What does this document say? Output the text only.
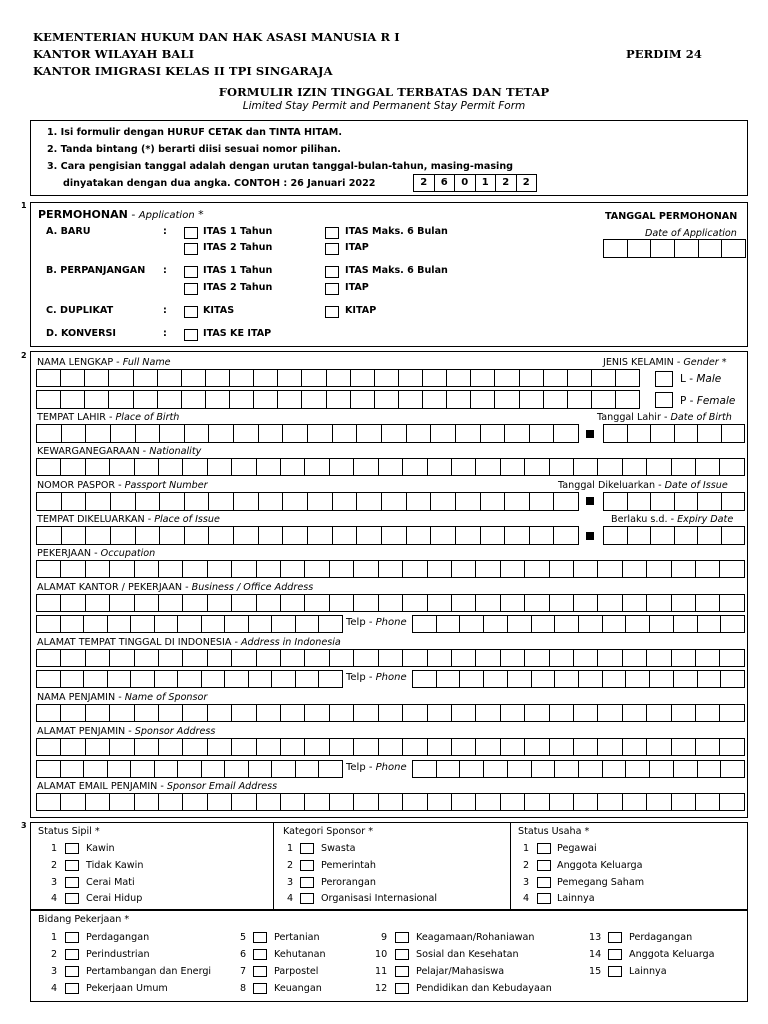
KEMENTERIAN HUKUM DAN HAK ASASI MANUSIA R I
KANTOR WILAYAH BALI
KANTOR IMIGRASI KELAS II TPI SINGARAJA
PERDIM 24
FORMULIR IZIN TINGGAL TERBATAS DAN TETAP
Limited Stay Permit and Permanent Stay Permit Form
1. Isi formulir dengan HURUF CETAK dan TINTA HITAM.
2. Tanda bintang (*) berarti diisi sesuai nomor pilihan.
3. Cara pengisian tanggal adalah dengan urutan tanggal-bulan-tahun, masing-masing
dinyatakan dengan dua angka. CONTOH : 26 Januari 2022	2	6	0	1	2	2
1
PERMOHONAN - Application *	TANGGAL PERMOHONAN
Date of Application
A. BARU	:	ITAS 1 Tahun	ITAS Maks. 6 Bulan
ITAS 2 Tahun	ITAP
B. PERPANJANGAN :	ITAS 1 Tahun	ITAS Maks. 6 Bulan
ITAS 2 Tahun	ITAP
C. DUPLIKAT	:	KITAS	KITAP
D. KONVERSI	:	ITAS KE ITAP
2
NAMA LENGKAP - Full Name	JENIS KELAMIN - Gender *
L - Male
P - Female
TEMPAT LAHIR - Place of Birth	Tanggal Lahir - Date of Birth
KEWARGANEGARAAN - Nationality
NOMOR PASPOR - Passport Number	Tanggal Dikeluarkan - Date of Issue
TEMPAT DIKELUARKAN - Place of Issue	Berlaku s.d. - Expiry Date
PEKERJAAN - Occupation
ALAMAT KANTOR / PEKERJAAN - Business / Office Address
Telp - Phone
ALAMAT TEMPAT TINGGAL DI INDONESIA - Address in Indonesia
Telp - Phone
NAMA PENJAMIN - Name of Sponsor
ALAMAT PENJAMIN - Sponsor Address
Telp - Phone
ALAMAT EMAIL PENJAMIN - Sponsor Email Address
3
Status Sipil *	Kategori Sponsor *	Status Usaha *
1	Kawin
2	Tidak Kawin
3	Cerai Mati
4	Cerai Hidup
1	Swasta
2	Pemerintah
3	Perorangan
4	Organisasi Internasional
1	Pegawai
2	Anggota Keluarga
3	Pemegang Saham
4	Lainnya
Bidang Pekerjaan *
1	Perdagangan
2	Perindustrian
3	Pertambangan dan Energi
4	Pekerjaan Umum
5	Pertanian
6	Kehutanan
7	Parpostel
8	Keuangan
9	Keagamaan/Rohaniawan
10	Sosial dan Kesehatan
11	Pelajar/Mahasiswa
12	Pendidikan dan Kebudayaan
13	Perdagangan
14	Anggota Keluarga
15	Lainnya
